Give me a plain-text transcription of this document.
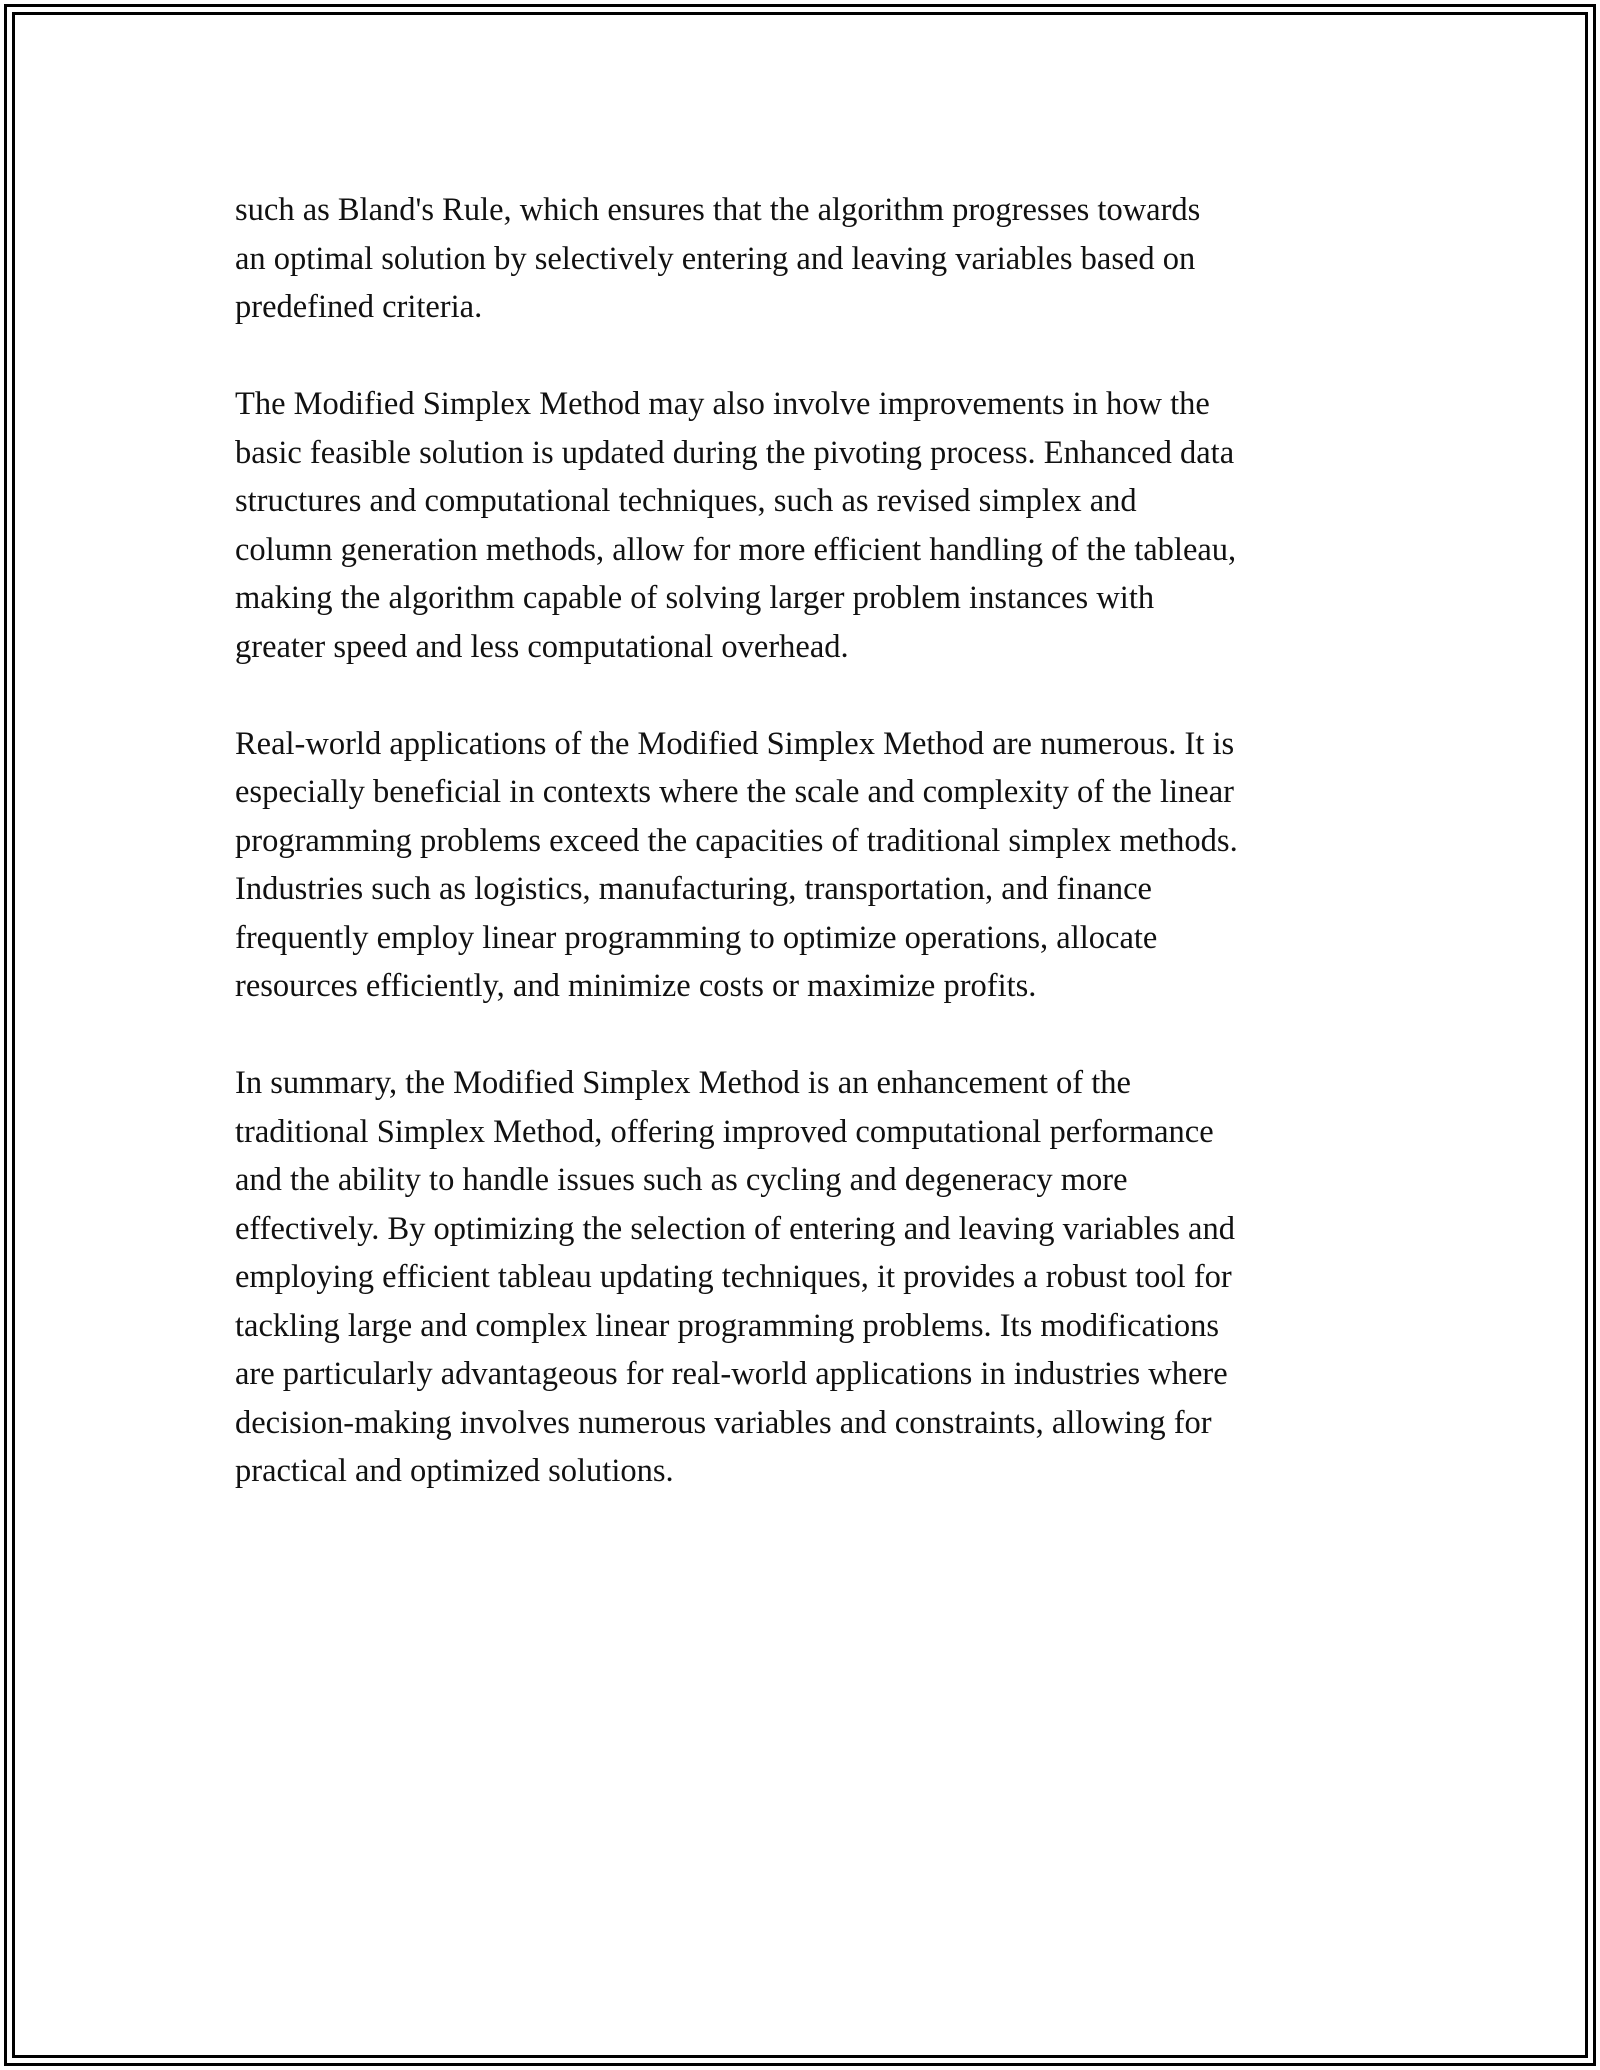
such as Bland's Rule, which ensures that the algorithm progresses towards
an optimal solution by selectively entering and leaving variables based on
predefined criteria.

The Modified Simplex Method may also involve improvements in how the
basic feasible solution is updated during the pivoting process. Enhanced data
structures and computational techniques, such as revised simplex and
column generation methods, allow for more efficient handling of the tableau,
making the algorithm capable of solving larger problem instances with
greater speed and less computational overhead.

Real-world applications of the Modified Simplex Method are numerous. It is
especially beneficial in contexts where the scale and complexity of the linear
programming problems exceed the capacities of traditional simplex methods.
Industries such as logistics, manufacturing, transportation, and finance
frequently employ linear programming to optimize operations, allocate
resources efficiently, and minimize costs or maximize profits.

In summary, the Modified Simplex Method is an enhancement of the
traditional Simplex Method, offering improved computational performance
and the ability to handle issues such as cycling and degeneracy more
effectively. By optimizing the selection of entering and leaving variables and
employing efficient tableau updating techniques, it provides a robust tool for
tackling large and complex linear programming problems. Its modifications
are particularly advantageous for real-world applications in industries where
decision-making involves numerous variables and constraints, allowing for
practical and optimized solutions.
